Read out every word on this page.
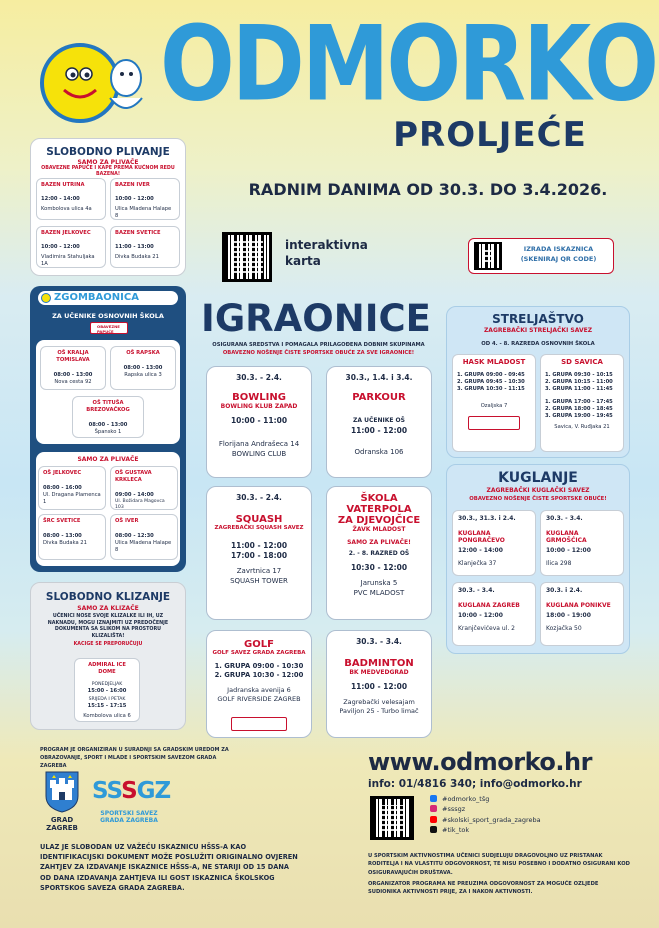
ODMORKO
PROLJEĆE
RADNIM DANIMA OD 30.3. DO 3.4.2026.
interaktivna
karta
IZRADA ISKAZNICA
(SKENIRAJ QR CODE)
SLOBODNO PLIVANJE
SAMO ZA PLIVAČE
OBAVEZNE PAPUČE I KAPE PREMA KUĆNOM REDU BAZENA!
BAZEN UTRINA
12:00 - 14:00
Kombolova ulica 4a
BAZEN IVER
10:00 - 12:00
Ulica Mladena Halape 8
BAZEN JELKOVEC
10:00 - 12:00
Vladimira Stahuljaka 1A
BAZEN SVETICE
11:00 - 13:00
Divka Budaka 21
ZGOMBAONICA
ZA UČENIKE OSNOVNIH ŠKOLA
OBAVEZNE PAPUČE
OŠ KRALJA TOMISLAVA
08:00 - 13:00
Nova cesta 92
OŠ RAPSKA
08:00 - 13:00
Rapska ulica 3
OŠ TITUŠA BREZOVAČKOG
08:00 - 13:00
Špansko 1
SAMO ZA PLIVAČE
OŠ JELKOVEC
08:00 - 16:00
Ul. Dragana Plamenca 1
OŠ GUSTAVA KRKLECA
09:00 - 14:00
Ul. Božidara Magovca 103
ŠRC SVETICE
08:00 - 13:00
Divka Budaka 21
OŠ IVER
08:00 - 12:30
Ulica Mladena Halape 8
SLOBODNO KLIZANJE
SAMO ZA KLIZAČE
UČENICI NOSE SVOJE KLIZALKE ILI IH, UZ NAKNADU, MOGU IZNAJMITI UZ PREDOČENJE DOKUMENTA SA SLIKOM NA PROSTORU KLIZALIŠTA!
KACIGE SE PREPORUČUJU
ADMIRAL ICE DOME
PONEDJELJAK
15:00 - 16:00
SRIJEDA I PETAK
15:15 - 17:15
Kombolova ulica 6
IGRAONICE
OSIGURANA SREDSTVA I POMAGALA PRILAGOĐENA DOBNIM SKUPINAMA
OBAVEZNO NOŠENJE ČISTE SPORTSKE OBUĆE ZA SVE IGRAONICE!
30.3. - 2.4.
BOWLING
BOWLING KLUB ZAPAD
10:00 - 11:00
Florijana Andrašeca 14
BOWLING CLUB
30.3., 1.4. i 3.4.
PARKOUR
ZA UČENIKE OŠ
11:00 - 12:00
Odranska 106
30.3. - 2.4.
SQUASH
ZAGREBAČKI SQUASH SAVEZ
11:00 - 12:00
17:00 - 18:00
Zavrtnica 17
SQUASH TOWER
ŠKOLA VATERPOLA
ZA DJEVOJČICE
ŽAVK MLADOST
SAMO ZA PLIVAČE!
2. - 8. RAZRED OŠ
10:30 - 12:00
Jarunska 5
PVC MLADOST
GOLF
GOLF SAVEZ GRADA ZAGREBA
1. GRUPA 09:00 - 10:30
2. GRUPA 10:30 - 12:00
Jadranska avenija 6
GOLF RIVERSIDE ZAGREB
30.3. - 3.4.
BADMINTON
BK MEDVEDGRAD
11:00 - 12:00
Zagrebački velesajam
Paviljon 25 - Turbo limač
STRELJAŠTVO
ZAGREBAČKI STRELJAČKI SAVEZ
OD 4. - 8. RAZREDA OSNOVNIH ŠKOLA
HASK MLADOST
1. GRUPA 09:00 - 09:45
2. GRUPA 09:45 - 10:30
3. GRUPA 10:30 - 11:15
Ozaljska 7
SD SAVICA
1. GRUPA 09:30 - 10:15
2. GRUPA 10:15 - 11:00
3. GRUPA 11:00 - 11:45
1. GRUPA 17:00 - 17:45
2. GRUPA 18:00 - 18:45
3. GRUPA 19:00 - 19:45
Savica, V. Ruđjaka 21
KUGLANJE
ZAGREBAČKI KUGLAČKI SAVEZ
OBAVEZNO NOŠENJE ČISTE SPORTSKE OBUĆE!
30.3., 31.3. i 2.4.
KUGLANA PONGRAČEVO
12:00 - 14:00
Klanječka 37
30.3. - 3.4.
KUGLANA GRMOŠĆICA
10:00 - 12:00
Ilica 298
30.3. - 3.4.
KUGLANA ZAGREB
10:00 - 12:00
Kranjčevićeva ul. 2
30.3. i 2.4.
KUGLANA PONIKVE
18:00 - 19:00
Kozjačka 50
PROGRAM JE ORGANIZIRAN U SURADNJI SA GRADSKIM UREDOM ZA OBRAZOVANJE, SPORT I MLADE I SPORTSKIM SAVEZOM GRADA ZAGREBA
GRAD
ZAGREB
SSSGZ
SPORTSKI SAVEZ
GRADA ZAGREBA
ULAZ JE SLOBODAN UZ VAŽEĆU ISKAZNICU HŠSS-A KAO IDENTIFIKACIJSKI DOKUMENT MOŽE POSLUŽITI ORIGINALNO OVJEREN ZAHTJEV ZA IZDAVANJE ISKAZNICE HŠSS-A, NE STARIJI OD 15 DANA OD DANA IZDAVANJA ZAHTJEVA ILI GOST ISKAZNICA ŠKOLSKOG SPORTSKOG SAVEZA GRADA ZAGREBA.
www.odmorko.hr
info: 01/4816 340; info@odmorko.hr
#odmorko_tšg
#sssgz
#skolski_sport_grada_zagreba
#tik_tok
U SPORTSKIM AKTIVNOSTIMA UČENICI SUDJELUJU DRAGOVOLJNO UZ PRISTANAK RODITELJA I NA VLASTITU ODGOVORNOST, TE NISU POSEBNO I DODATNO OSIGURANI KOD OSIGURAVAJUĆIH DRUŠTAVA.
ORGANIZATOR PROGRAMA NE PREUZIMA ODGOVORNOST ZA MOGUĆE OZLJEDE SUDIONIKA AKTIVNOSTI PRIJE, ZA I NAKON AKTIVNOSTI.
